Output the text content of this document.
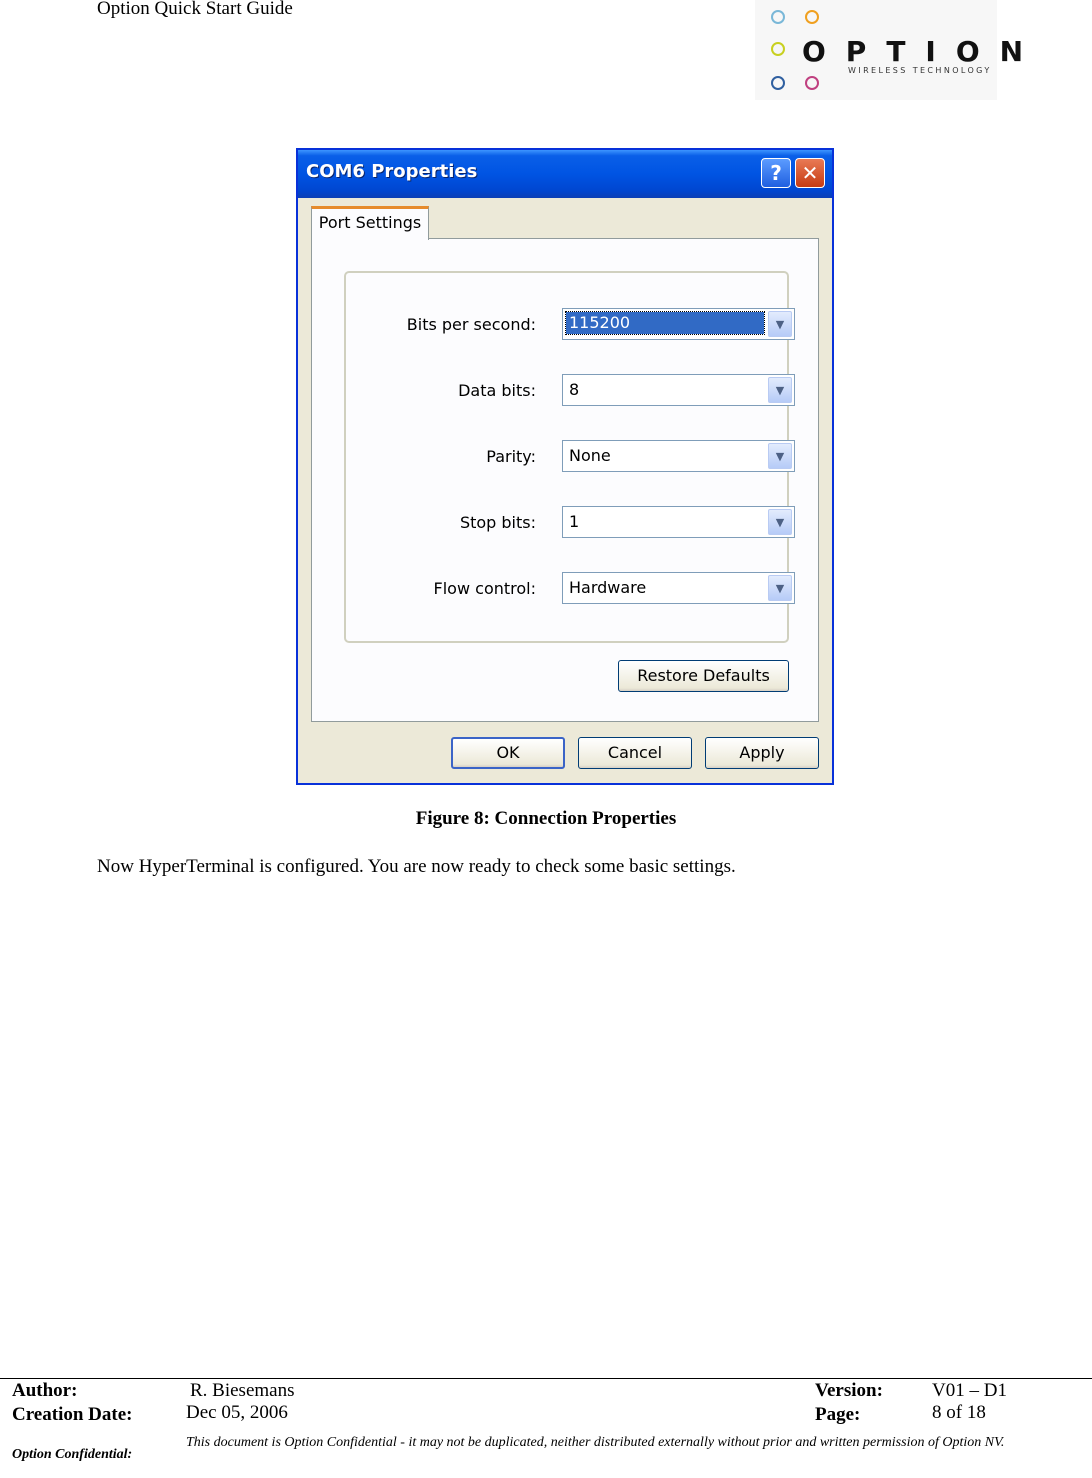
Option Quick Start Guide
OPTION
WIRELESS TECHNOLOGY
COM6 Properties	? ✕
Port Settings
Bits per second: 115200	▼
Data bits: 8	▼
Parity: None	▼
Stop bits: 1	▼
Flow control: Hardware	▼
Restore Defaults
OK	Cancel	Apply
Figure 8: Connection Properties
Now HyperTerminal is configured. You are now ready to check some basic settings.
Author:	R. Biesemans	Version:	V01 – D1
Creation Date:	Dec 05, 2006	Page:	8 of 18
Option Confidential:
This document is Option Confidential - it may not be duplicated, neither distributed externally without prior and written permission of Option NV.
